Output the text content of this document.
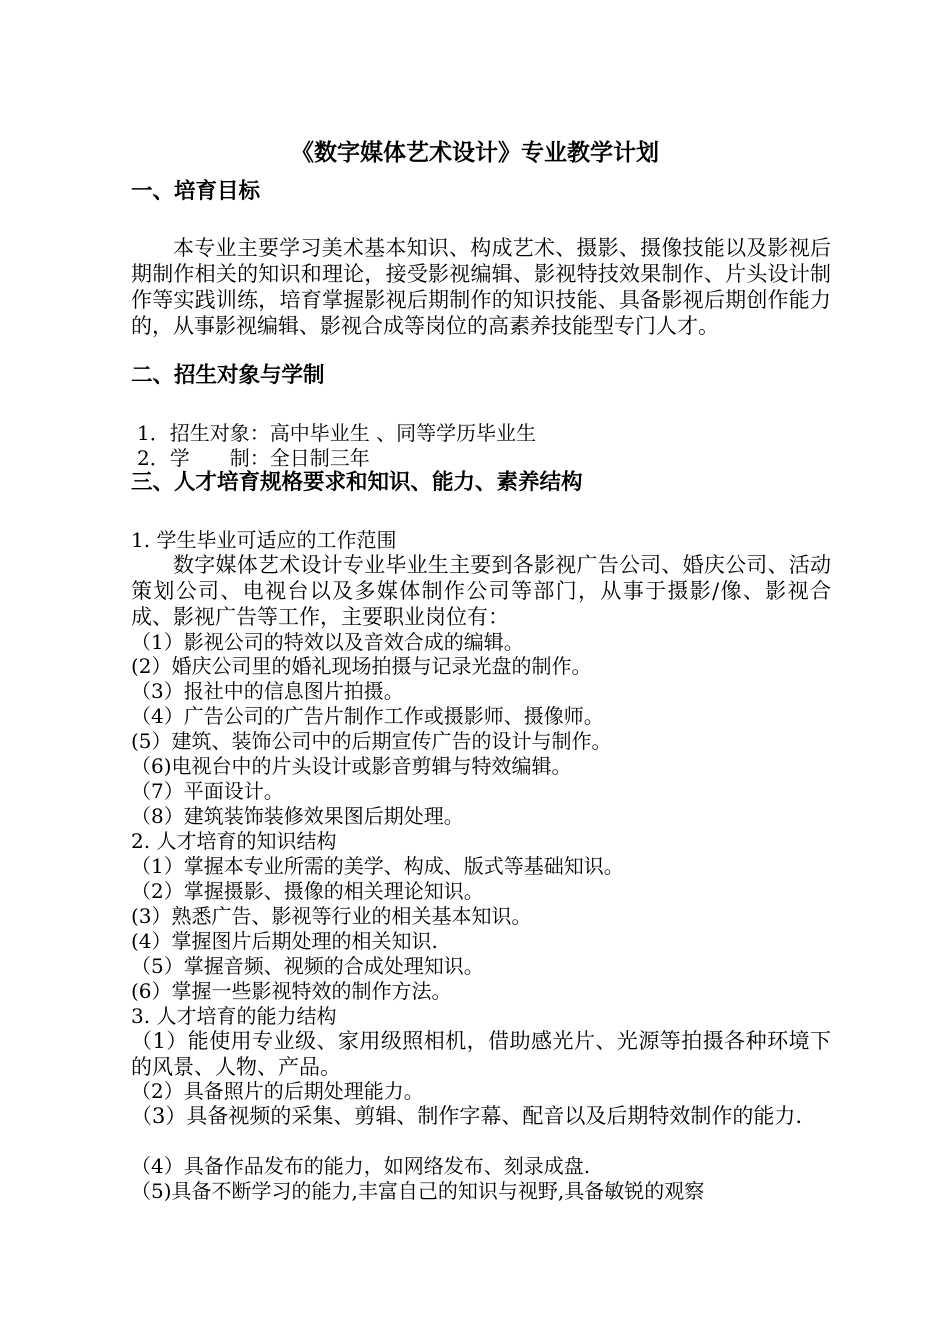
《数字媒体艺术设计》专业教学计划
一、培育目标
本专业主要学习美术基本知识、构成艺术、摄影、摄像技能以及影视后期制作相关的知识和理论，接受影视编辑、影视特技效果制作、片头设计制作等实践训练，培育掌握影视后期制作的知识技能、具备影视后期创作能力的，从事影视编辑、影视合成等岗位的高素养技能型专门人才。
二、招生对象与学制
1．招生对象：高中毕业生 、同等学历毕业生
2．学　　制：全日制三年
三、人才培育规格要求和知识、能力、素养结构
1. 学生毕业可适应的工作范围
数字媒体艺术设计专业毕业生主要到各影视广告公司、婚庆公司、活动策划公司、电视台以及多媒体制作公司等部门，从事于摄影/像、影视合成、影视广告等工作，主要职业岗位有：
（1）影视公司的特效以及音效合成的编辑。
(2）婚庆公司里的婚礼现场拍摄与记录光盘的制作。
（3）报社中的信息图片拍摄。
（4）广告公司的广告片制作工作或摄影师、摄像师。
(5）建筑、装饰公司中的后期宣传广告的设计与制作。
（6)电视台中的片头设计或影音剪辑与特效编辑。
（7）平面设计。
（8）建筑装饰装修效果图后期处理。
2. 人才培育的知识结构
（1）掌握本专业所需的美学、构成、版式等基础知识。
（2）掌握摄影、摄像的相关理论知识。
(3）熟悉广告、影视等行业的相关基本知识。
(4）掌握图片后期处理的相关知识.
（5）掌握音频、视频的合成处理知识。
(6）掌握一些影视特效的制作方法。
3. 人才培育的能力结构
（1）能使用专业级、家用级照相机，借助感光片、光源等拍摄各种环境下的风景、人物、产品。
（2）具备照片的后期处理能力。
（3）具备视频的采集、剪辑、制作字幕、配音以及后期特效制作的能力.
（4）具备作品发布的能力，如网络发布、刻录成盘.
（5)具备不断学习的能力,丰富自己的知识与视野,具备敏锐的观察
